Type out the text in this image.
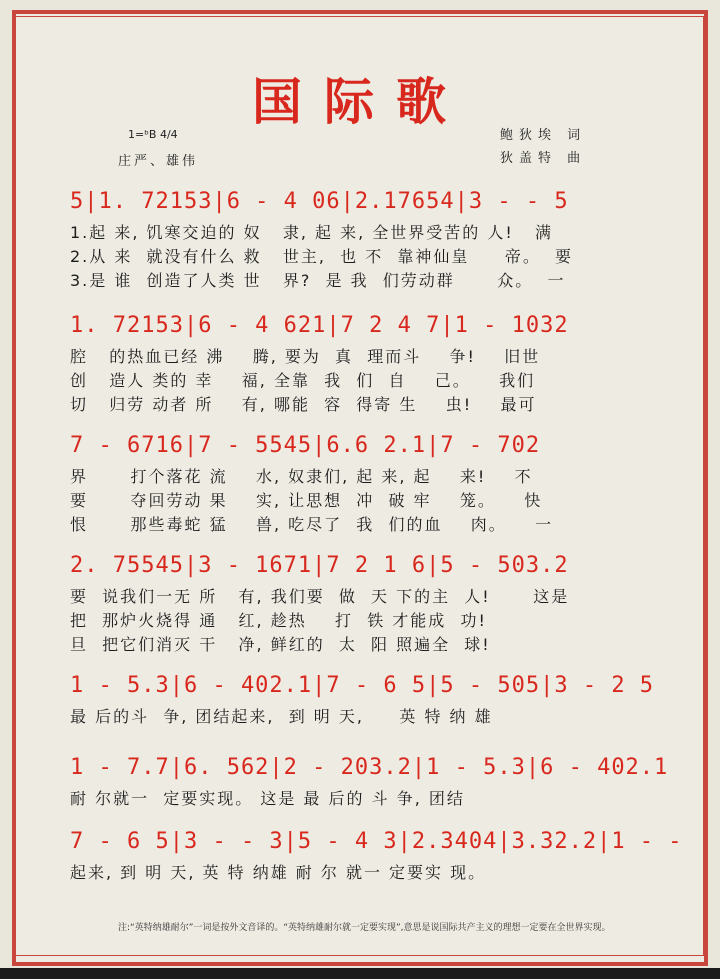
国际歌
1=ᵇB 4/4
庄严、雄伟
鲍狄埃 词
狄盖特 曲
5|1. 72153|6 - 4 06|2.17654|3 - - 5
1.起 来, 饥寒交迫的 奴   隶, 起 来, 全世界受苦的 人!   满
2.从 来  就没有什么 救   世主,  也 不  靠神仙皇     帝。  要
3.是 谁  创造了人类 世   界?  是 我  们劳动群      众。  一
1. 72153|6 - 4 621|7 2 4 7|1 - 1032
腔   的热血已经 沸    腾, 要为  真  理而斗    争!    旧世
创   造人 类的 幸    福, 全靠  我  们  自    己。    我们
切   归劳 动者 所    有, 哪能  容  得寄 生    虫!    最可
7 - 6716|7 - 5545|6.6 2.1|7 - 702
界      打个落花 流    水, 奴隶们, 起 来, 起    来!    不
要      夺回劳动 果    实, 让思想  冲  破 牢    笼。    快
恨      那些毒蛇 猛    兽, 吃尽了  我  们的血    肉。    一
2. 75545|3 - 1671|7 2 1 6|5 - 503.2
要  说我们一无 所   有, 我们要  做  天 下的主  人!      这是
把  那炉火烧得 通   红, 趁热    打  铁 才能成  功!
旦  把它们消灭 干   净, 鲜红的  太  阳 照遍全  球!
1 - 5.3|6 - 402.1|7 - 6 5|5 - 505|3 - 2 5
最 后的斗  争, 团结起来,  到 明 天,     英 特 纳 雄
1 - 7.7|6. 562|2 - 203.2|1 - 5.3|6 - 402.1
耐 尔就一  定要实现。 这是 最 后的 斗 争, 团结
7 - 6 5|3 - - 3|5 - 4 3|2.3404|3.32.2|1 - -
起来, 到 明 天, 英 特 纳雄 耐 尔 就一 定要实 现。
注:“英特纳雄耐尔”一词是按外文音译的。“英特纳雄耐尔就一定要实现”,意思是说国际共产主义的理想一定要在全世界实现。
